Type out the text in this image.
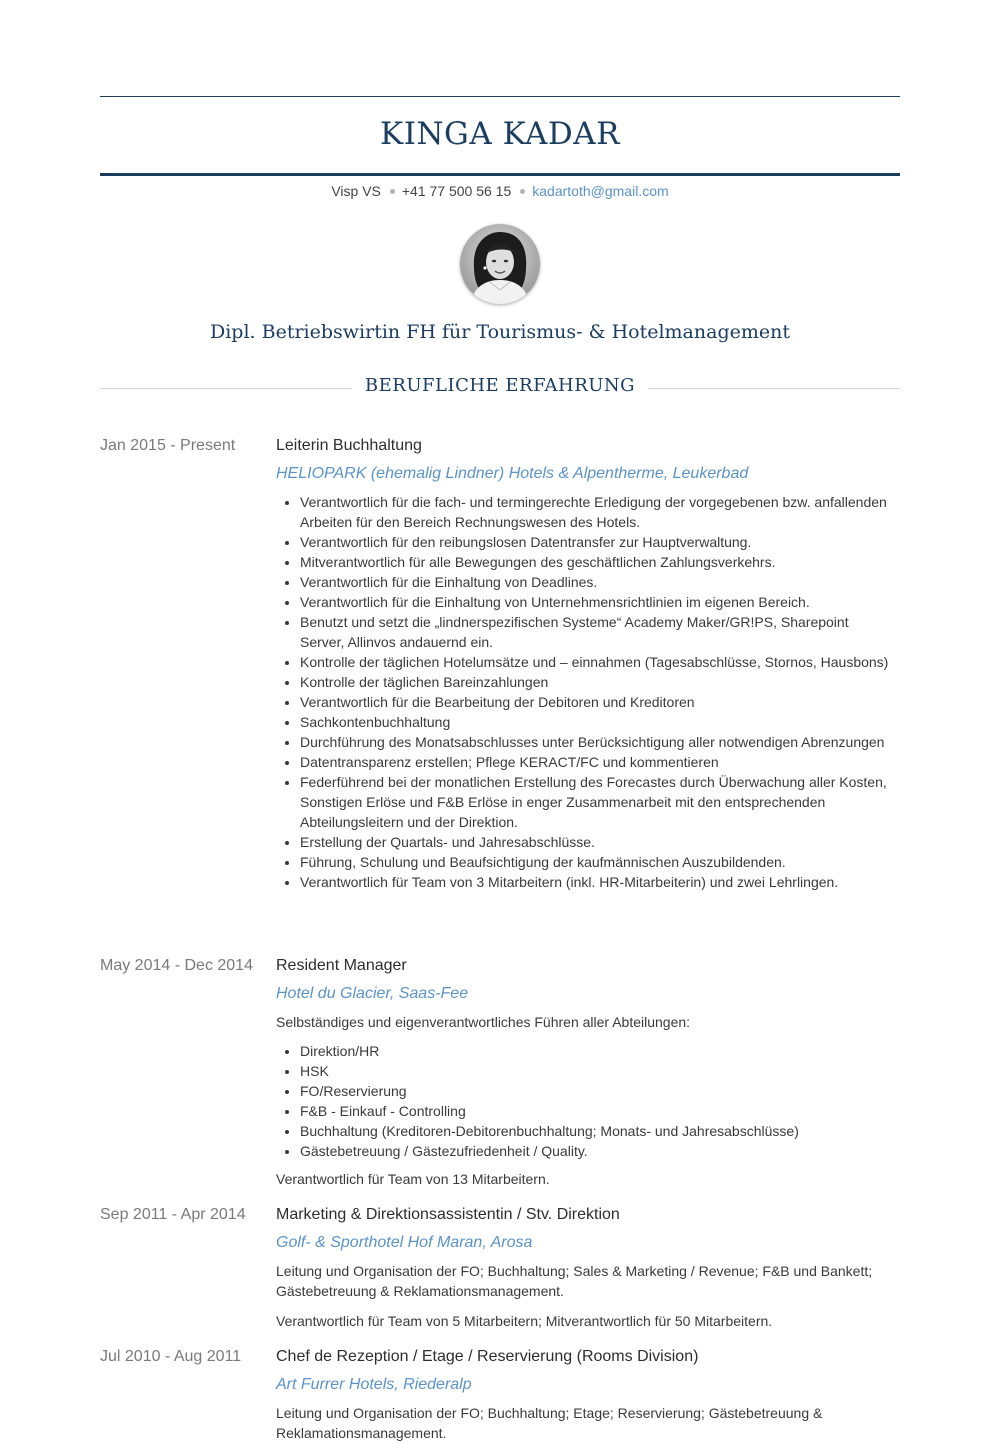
KINGA KADAR
Visp VS +41 77 500 56 15 kadartoth@gmail.com
Dipl. Betriebswirtin FH für Tourismus- & Hotelmanagement
BERUFLICHE ERFAHRUNG
Jan 2015 - Present	Leiterin Buchhaltung
HELIOPARK (ehemalig Lindner) Hotels & Alpentherme, Leukerbad
• Verantwortlich für die fach- und termingerechte Erledigung der vorgegebenen bzw. anfallenden Arbeiten für den Bereich Rechnungswesen des Hotels.
• Verantwortlich für den reibungslosen Datentransfer zur Hauptverwaltung.
• Mitverantwortlich für alle Bewegungen des geschäftlichen Zahlungsverkehrs.
• Verantwortlich für die Einhaltung von Deadlines.
• Verantwortlich für die Einhaltung von Unternehmensrichtlinien im eigenen Bereich.
• Benutzt und setzt die „lindnerspezifischen Systeme“ Academy Maker/GR!PS, Sharepoint Server, Allinvos andauernd ein.
• Kontrolle der täglichen Hotelumsätze und – einnahmen (Tagesabschlüsse, Stornos, Hausbons)
• Kontrolle der täglichen Bareinzahlungen
• Verantwortlich für die Bearbeitung der Debitoren und Kreditoren
• Sachkontenbuchhaltung
• Durchführung des Monatsabschlusses unter Berücksichtigung aller notwendigen Abrenzungen
• Datentransparenz erstellen; Pflege KERACT/FC und kommentieren
• Federführend bei der monatlichen Erstellung des Forecastes durch Überwachung aller Kosten, Sonstigen Erlöse und F&B Erlöse in enger Zusammenarbeit mit den entsprechenden Abteilungsleitern und der Direktion.
• Erstellung der Quartals- und Jahresabschlüsse.
• Führung, Schulung und Beaufsichtigung der kaufmännischen Auszubildenden.
• Verantwortlich für Team von 3 Mitarbeitern (inkl. HR-Mitarbeiterin) und zwei Lehrlingen.
May 2014 - Dec 2014	Resident Manager
Hotel du Glacier, Saas-Fee

Selbständiges und eigenverantwortliches Führen aller Abteilungen:

• Direktion/HR
• HSK
• FO/Reservierung
• F&B - Einkauf - Controlling
• Buchhaltung (Kreditoren-Debitorenbuchhaltung; Monats- und Jahresabschlüsse)
• Gästebetreuung / Gästezufriedenheit / Quality.

Verantwortlich für Team von 13 Mitarbeitern.

Sep 2011 - Apr 2014	Marketing & Direktionsassistentin / Stv. Direktion
Golf- & Sporthotel Hof Maran, Arosa

Leitung und Organisation der FO; Buchhaltung; Sales & Marketing / Revenue; F&B und Bankett; Gästebetreuung & Reklamationsmanagement.

Verantwortlich für Team von 5 Mitarbeitern; Mitverantwortlich für 50 Mitarbeitern.

Jul 2010 - Aug 2011	Chef de Rezeption / Etage / Reservierung (Rooms Division)
Art Furrer Hotels, Riederalp

Leitung und Organisation der FO; Buchhaltung; Etage; Reservierung; Gästebetreuung & Reklamationsmanagement.
